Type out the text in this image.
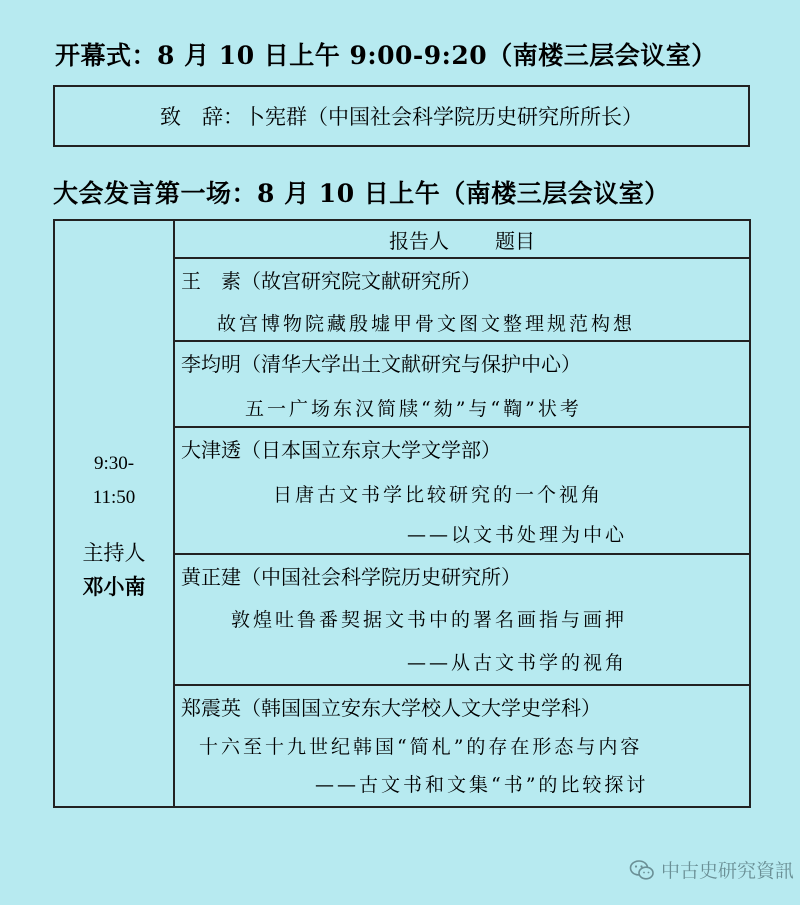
开幕式：8 月 10 日上午 9:00-9:20（南楼三层会议室）
致　辞：卜宪群（中国社会科学院历史研究所所长）
大会发言第一场：8 月 10 日上午（南楼三层会议室）
9:30-
11:50
主持人
邓小南
报告人 题目
王　素（故宫研究院文献研究所）
故宫博物院藏殷墟甲骨文图文整理规范构想
李均明（清华大学出土文献研究与保护中心）
五一广场东汉简牍“劾”与“鞫”状考
大津透（日本国立东京大学文学部）
日唐古文书学比较研究的一个视角
——以文书处理为中心
黄正建（中国社会科学院历史研究所）
敦煌吐鲁番契据文书中的署名画指与画押
——从古文书学的视角
郑震英（韩国国立安东大学校人文大学史学科）
十六至十九世纪韩国“简札”的存在形态与内容
——古文书和文集“书”的比较探讨
中古史研究資訊
